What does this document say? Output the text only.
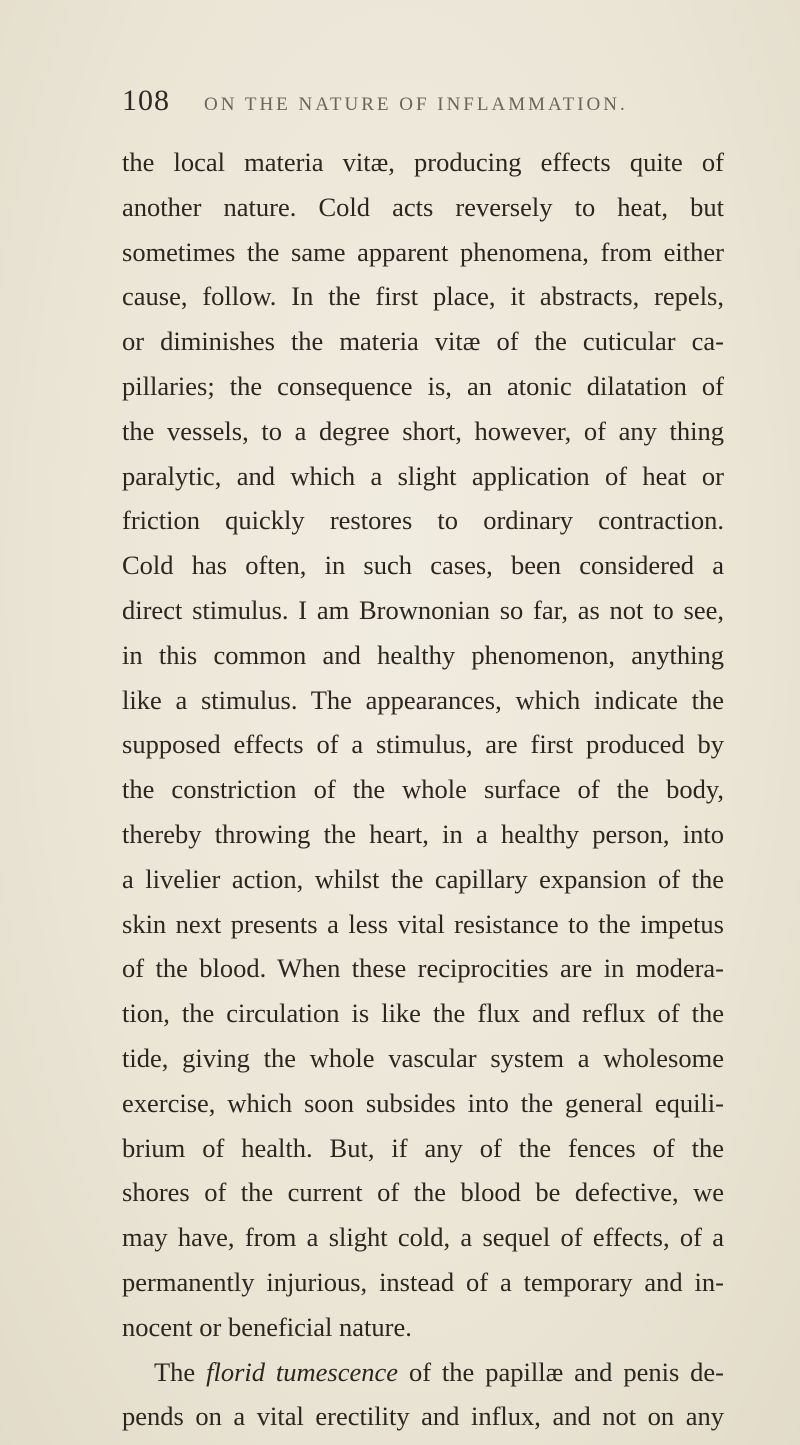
108 ON THE NATURE OF INFLAMMATION.
the local materia vitæ, producing effects quite of
another nature. Cold acts reversely to heat, but
sometimes the same apparent phenomena, from either
cause, follow. In the first place, it abstracts, repels,
or diminishes the materia vitæ of the cuticular ca-
pillaries; the consequence is, an atonic dilatation of
the vessels, to a degree short, however, of any thing
paralytic, and which a slight application of heat or
friction quickly restores to ordinary contraction.
Cold has often, in such cases, been considered a
direct stimulus. I am Brownonian so far, as not to see,
in this common and healthy phenomenon, anything
like a stimulus. The appearances, which indicate the
supposed effects of a stimulus, are first produced by
the constriction of the whole surface of the body,
thereby throwing the heart, in a healthy person, into
a livelier action, whilst the capillary expansion of the
skin next presents a less vital resistance to the impetus
of the blood. When these reciprocities are in modera-
tion, the circulation is like the flux and reflux of the
tide, giving the whole vascular system a wholesome
exercise, which soon subsides into the general equili-
brium of health. But, if any of the fences of the
shores of the current of the blood be defective, we
may have, from a slight cold, a sequel of effects, of a
permanently injurious, instead of a temporary and in-
nocent or beneficial nature.
The florid tumescence of the papillæ and penis de-
pends on a vital erectility and influx, and not on any
